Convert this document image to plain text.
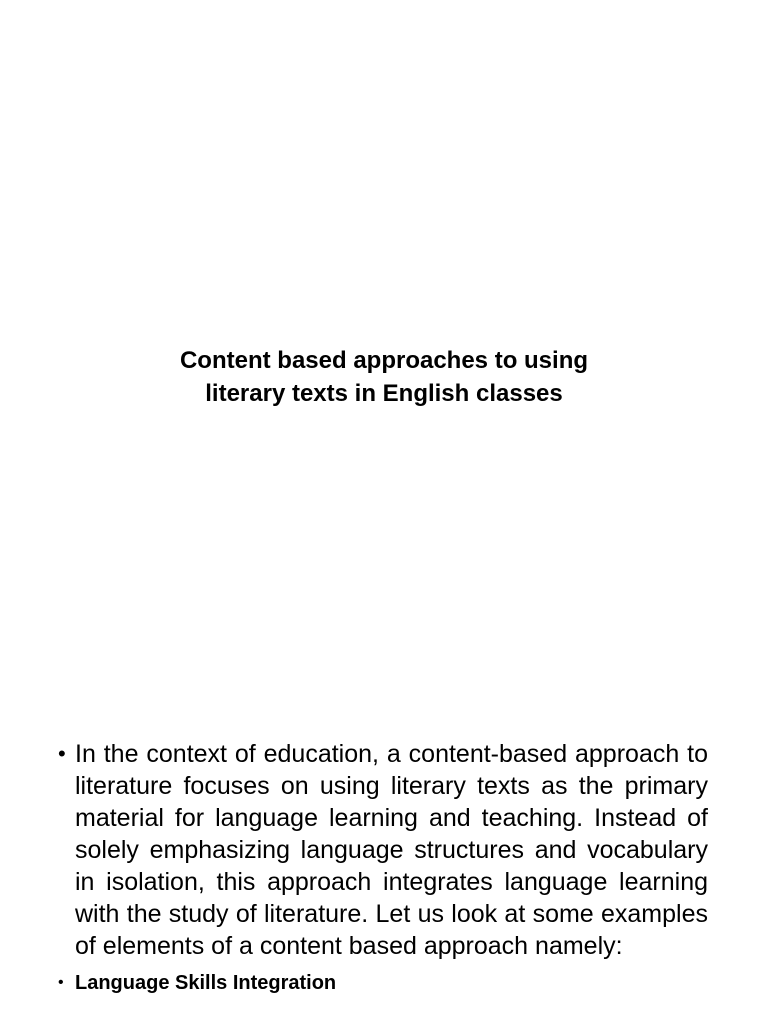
Content based approaches to using
literary texts in English classes
• In the context of education, a content-based approach to literature focuses on using literary texts as the primary material for language learning and teaching. Instead of solely emphasizing language structures and vocabulary in isolation, this approach integrates language learning with the study of literature. Let us look at some examples of elements of a content based approach namely:
• Language Skills Integration
